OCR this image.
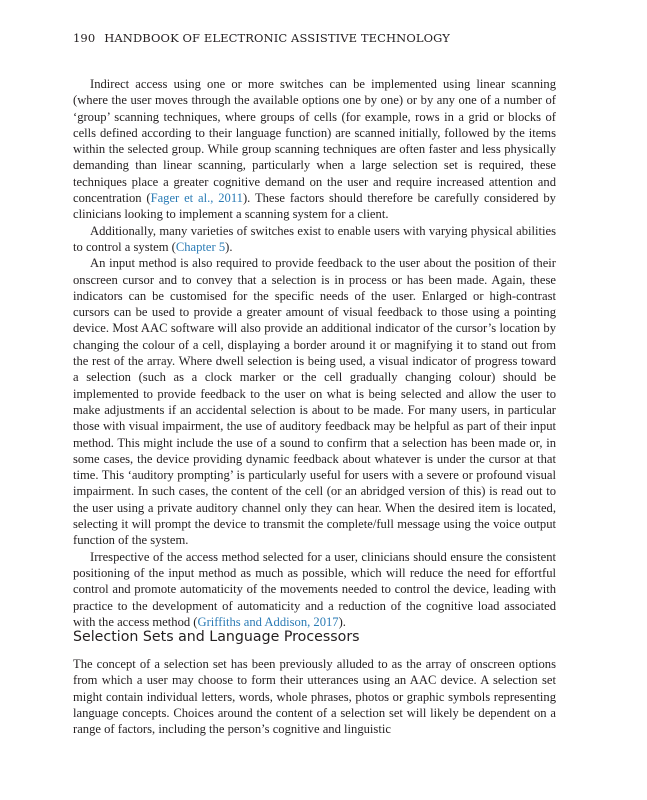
190 HANDBOOK OF ELECTRONIC ASSISTIVE TECHNOLOGY

Indirect access using one or more switches can be implemented using linear scanning (where the user moves through the available options one by one) or by any one of a number of ‘group’ scanning techniques, where groups of cells (for example, rows in a grid or blocks of cells defined according to their language function) are scanned initially, followed by the items within the selected group. While group scanning techniques are often faster and less physically demanding than linear scanning, particularly when a large selection set is required, these techniques place a greater cognitive demand on the user and require increased attention and concentration (Fager et al., 2011). These factors should therefore be carefully considered by clinicians looking to implement a scanning system for a client.

Additionally, many varieties of switches exist to enable users with varying physical abilities to control a system (Chapter 5).

An input method is also required to provide feedback to the user about the position of their onscreen cursor and to convey that a selection is in process or has been made. Again, these indicators can be customised for the specific needs of the user. Enlarged or high-contrast cursors can be used to provide a greater amount of visual feedback to those using a pointing device. Most AAC software will also provide an additional indicator of the cursor’s location by changing the colour of a cell, displaying a border around it or magnifying it to stand out from the rest of the array. Where dwell selection is being used, a visual indicator of progress toward a selection (such as a clock marker or the cell gradually changing colour) should be implemented to provide feedback to the user on what is being selected and allow the user to make adjustments if an accidental selection is about to be made. For many users, in particular those with visual impairment, the use of auditory feedback may be helpful as part of their input method. This might include the use of a sound to confirm that a selection has been made or, in some cases, the device providing dynamic feedback about whatever is under the cursor at that time. This ‘auditory prompting’ is particularly useful for users with a severe or profound visual impairment. In such cases, the content of the cell (or an abridged version of this) is read out to the user using a private auditory channel only they can hear. When the desired item is located, selecting it will prompt the device to transmit the complete/full message using the voice output function of the system.

Irrespective of the access method selected for a user, clinicians should ensure the consistent positioning of the input method as much as possible, which will reduce the need for effortful control and promote automaticity of the movements needed to control the device, leading with practice to the development of automaticity and a reduction of the cognitive load associated with the access method (Griffiths and Addison, 2017).

Selection Sets and Language Processors

The concept of a selection set has been previously alluded to as the array of onscreen options from which a user may choose to form their utterances using an AAC device. A selection set might contain individual letters, words, whole phrases, photos or graphic symbols representing language concepts. Choices around the content of a selection set will likely be dependent on a range of factors, including the person’s cognitive and linguistic
